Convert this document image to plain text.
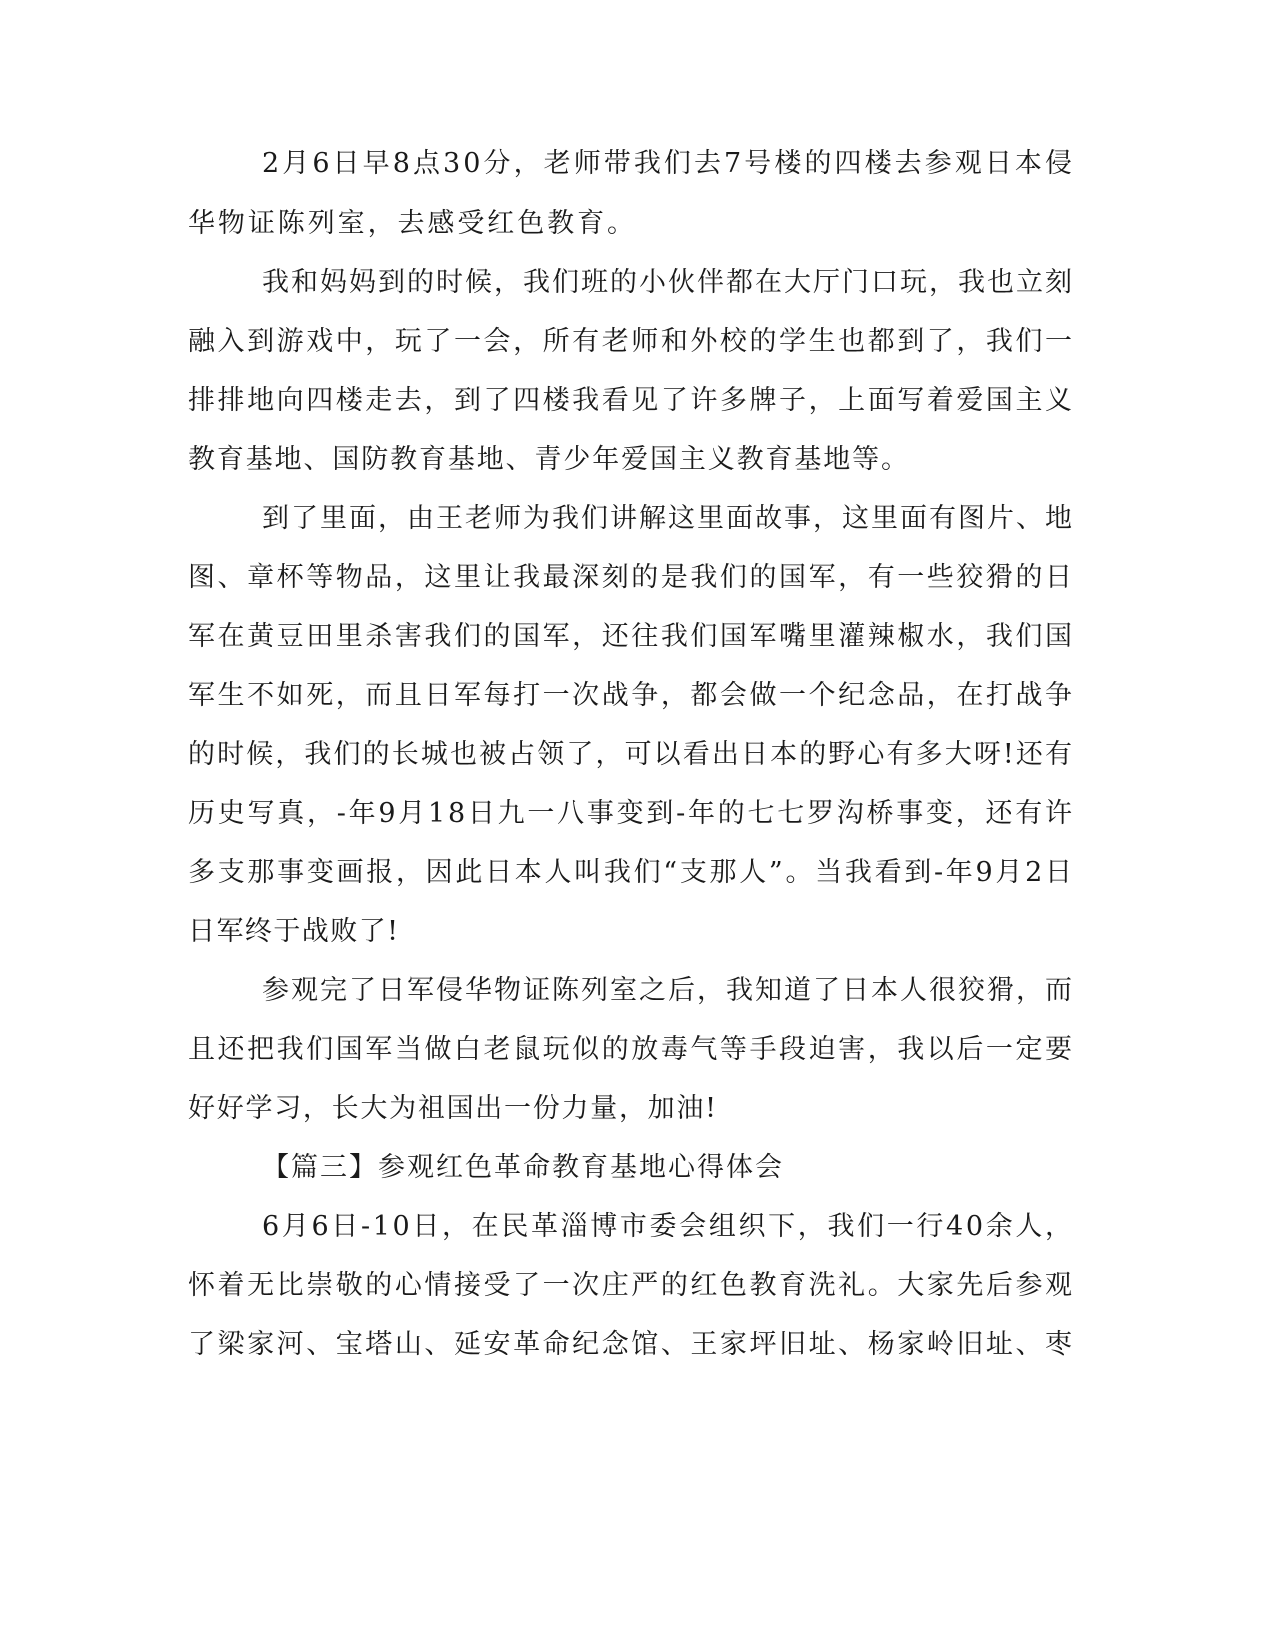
2月6日早8点30分，老师带我们去7号楼的四楼去参观日本侵
华物证陈列室，去感受红色教育。
我和妈妈到的时候，我们班的小伙伴都在大厅门口玩，我也立刻
融入到游戏中，玩了一会，所有老师和外校的学生也都到了，我们一
排排地向四楼走去，到了四楼我看见了许多牌子，上面写着爱国主义
教育基地、国防教育基地、青少年爱国主义教育基地等。
到了里面，由王老师为我们讲解这里面故事，这里面有图片、地
图、章杯等物品，这里让我最深刻的是我们的国军，有一些狡猾的日
军在黄豆田里杀害我们的国军，还往我们国军嘴里灌辣椒水，我们国
军生不如死，而且日军每打一次战争，都会做一个纪念品，在打战争
的时候，我们的长城也被占领了，可以看出日本的野心有多大呀!还有
历史写真，-年9月18日九一八事变到-年的七七罗沟桥事变，还有许
多支那事变画报，因此日本人叫我们“支那人”。当我看到-年9月2日
日军终于战败了!
参观完了日军侵华物证陈列室之后，我知道了日本人很狡猾，而
且还把我们国军当做白老鼠玩似的放毒气等手段迫害，我以后一定要
好好学习，长大为祖国出一份力量，加油!
【篇三】参观红色革命教育基地心得体会
6月6日-10日，在民革淄博市委会组织下，我们一行40余人，
怀着无比崇敬的心情接受了一次庄严的红色教育洗礼。大家先后参观
了梁家河、宝塔山、延安革命纪念馆、王家坪旧址、杨家岭旧址、枣
